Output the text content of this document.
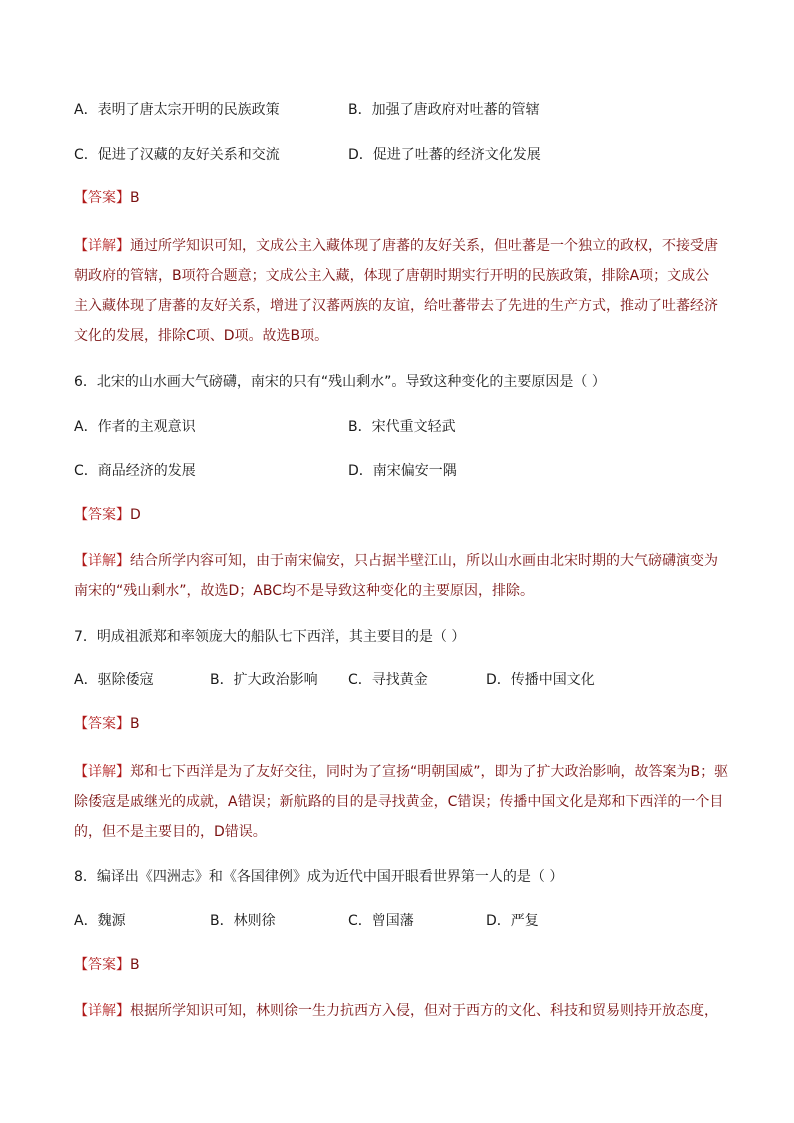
A．表明了唐太宗开明的民族政策	B．加强了唐政府对吐蕃的管辖
C．促进了汉藏的友好关系和交流	D．促进了吐蕃的经济文化发展
【答案】B
【详解】通过所学知识可知，文成公主入藏体现了唐蕃的友好关系，但吐蕃是一个独立的政权，不接受唐
朝政府的管辖，B项符合题意；文成公主入藏，体现了唐朝时期实行开明的民族政策，排除A项；文成公
主入藏体现了唐蕃的友好关系，增进了汉蕃两族的友谊，给吐蕃带去了先进的生产方式，推动了吐蕃经济
文化的发展，排除C项、D项。故选B项。
6．北宋的山水画大气磅礴，南宋的只有“残山剩水”。导致这种变化的主要原因是（ ）
A．作者的主观意识	B．宋代重文轻武
C．商品经济的发展	D．南宋偏安一隅
【答案】D
【详解】结合所学内容可知，由于南宋偏安，只占据半壁江山，所以山水画由北宋时期的大气磅礴演变为
南宋的“残山剩水”，故选D；ABC均不是导致这种变化的主要原因，排除。
7．明成祖派郑和率领庞大的船队七下西洋，其主要目的是（ ）
A．驱除倭寇	B．扩大政治影响 C．寻找黄金	D．传播中国文化
【答案】B
【详解】郑和七下西洋是为了友好交往，同时为了宣扬“明朝国威”，即为了扩大政治影响，故答案为B；驱
除倭寇是戚继光的成就，A错误；新航路的目的是寻找黄金，C错误；传播中国文化是郑和下西洋的一个目
的，但不是主要目的，D错误。
8．编译出《四洲志》和《各国律例》成为近代中国开眼看世界第一人的是（ ）
A．魏源	B．林则徐	C．曾国藩	D．严复
【答案】B
【详解】根据所学知识可知，林则徐一生力抗西方入侵，但对于西方的文化、科技和贸易则持开放态度，
